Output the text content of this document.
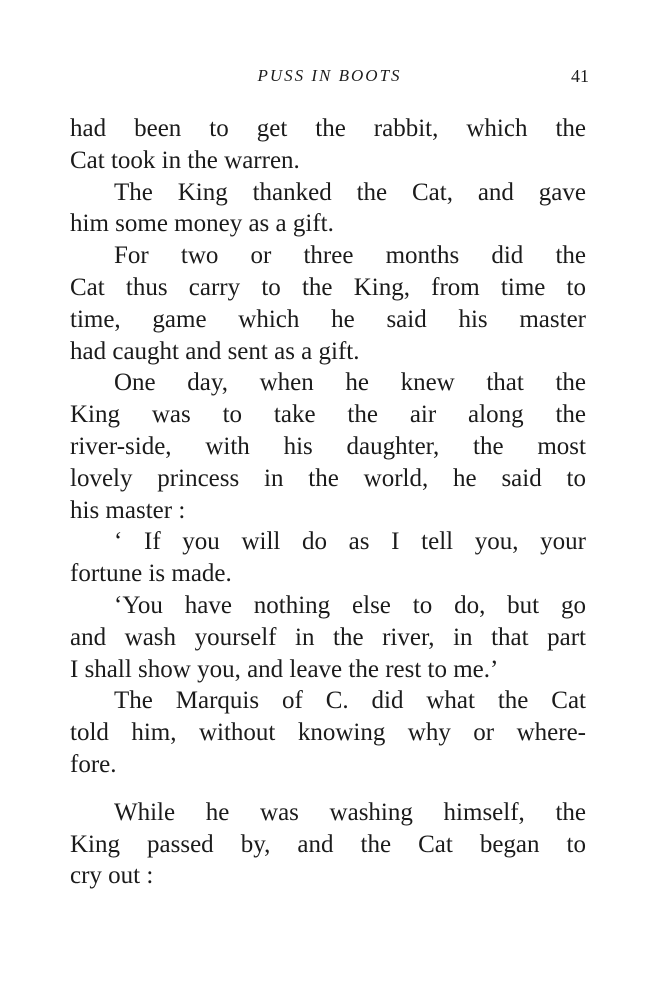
PUSS IN BOOTS	41

had been to get the rabbit, which the
Cat took in the warren.

The King thanked the Cat, and gave
him some money as a gift.

For two or three months did the
Cat thus carry to the King, from time to
time, game which he said his master
had caught and sent as a gift.

One day, when he knew that the
King was to take the air along the
river-side, with his daughter, the most
lovely princess in the world, he said to
his master :

‘ If you will do as I tell you, your
fortune is made.

‘You have nothing else to do, but go
and wash yourself in the river, in that part
I shall show you, and leave the rest to me.’

The Marquis of C. did what the Cat
told him, without knowing why or where-
fore.

While he was washing himself, the
King passed by, and the Cat began to
cry out :
